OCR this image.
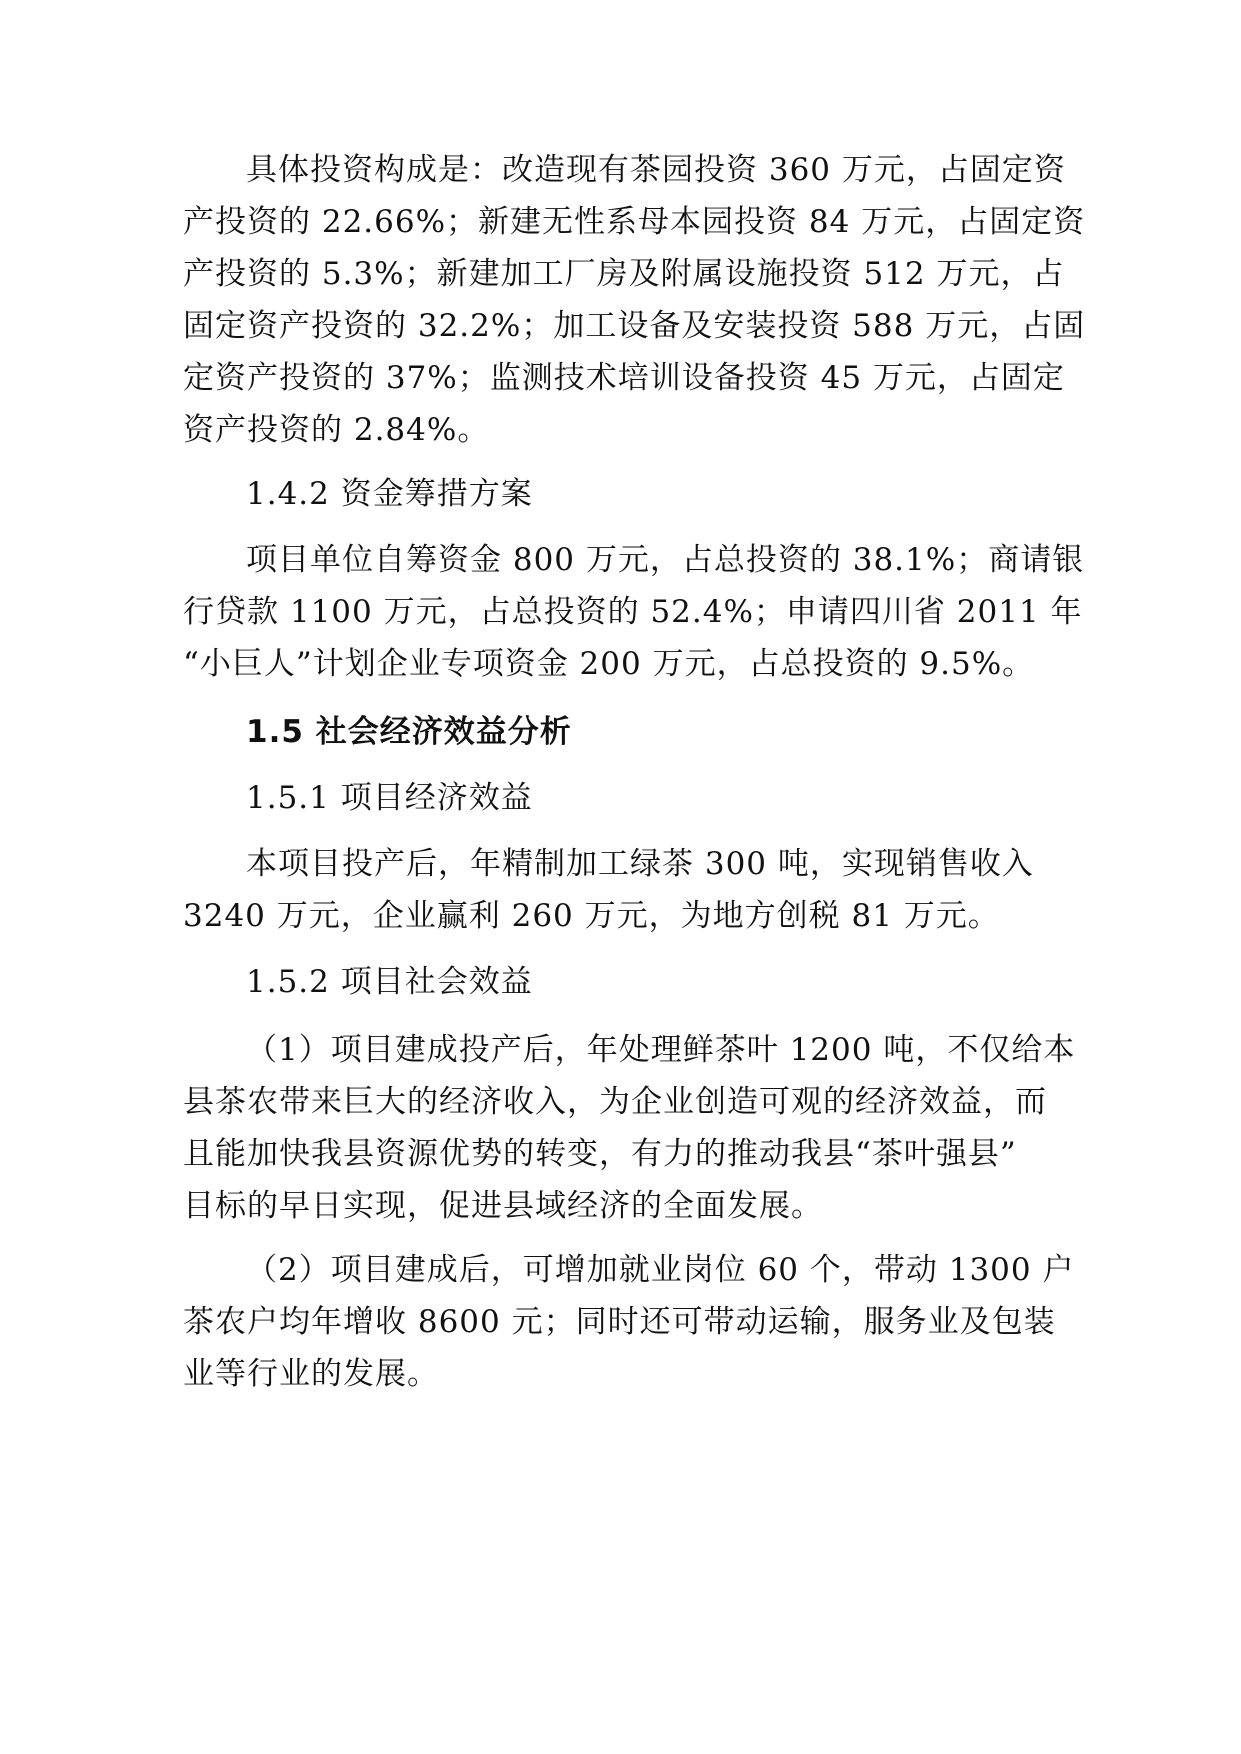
具体投资构成是：改造现有茶园投资 360 万元，占固定资
产投资的 22.66%；新建无性系母本园投资 84 万元，占固定资
产投资的 5.3%；新建加工厂房及附属设施投资 512 万元，占
固定资产投资的 32.2%；加工设备及安装投资 588 万元，占固
定资产投资的 37%；监测技术培训设备投资 45 万元，占固定
资产投资的 2.84%。
1.4.2 资金筹措方案
项目单位自筹资金 800 万元，占总投资的 38.1%；商请银
行贷款 1100 万元，占总投资的 52.4%；申请四川省 2011 年
“小巨人”计划企业专项资金 200 万元，占总投资的 9.5%。
1.5 社会经济效益分析
1.5.1 项目经济效益
本项目投产后，年精制加工绿茶 300 吨，实现销售收入
3240 万元，企业赢利 260 万元，为地方创税 81 万元。
1.5.2 项目社会效益
（1）项目建成投产后，年处理鲜茶叶 1200 吨，不仅给本
县茶农带来巨大的经济收入，为企业创造可观的经济效益，而
且能加快我县资源优势的转变，有力的推动我县“茶叶强县”
目标的早日实现，促进县域经济的全面发展。
（2）项目建成后，可增加就业岗位 60 个，带动 1300 户
茶农户均年增收 8600 元；同时还可带动运输，服务业及包装
业等行业的发展。
